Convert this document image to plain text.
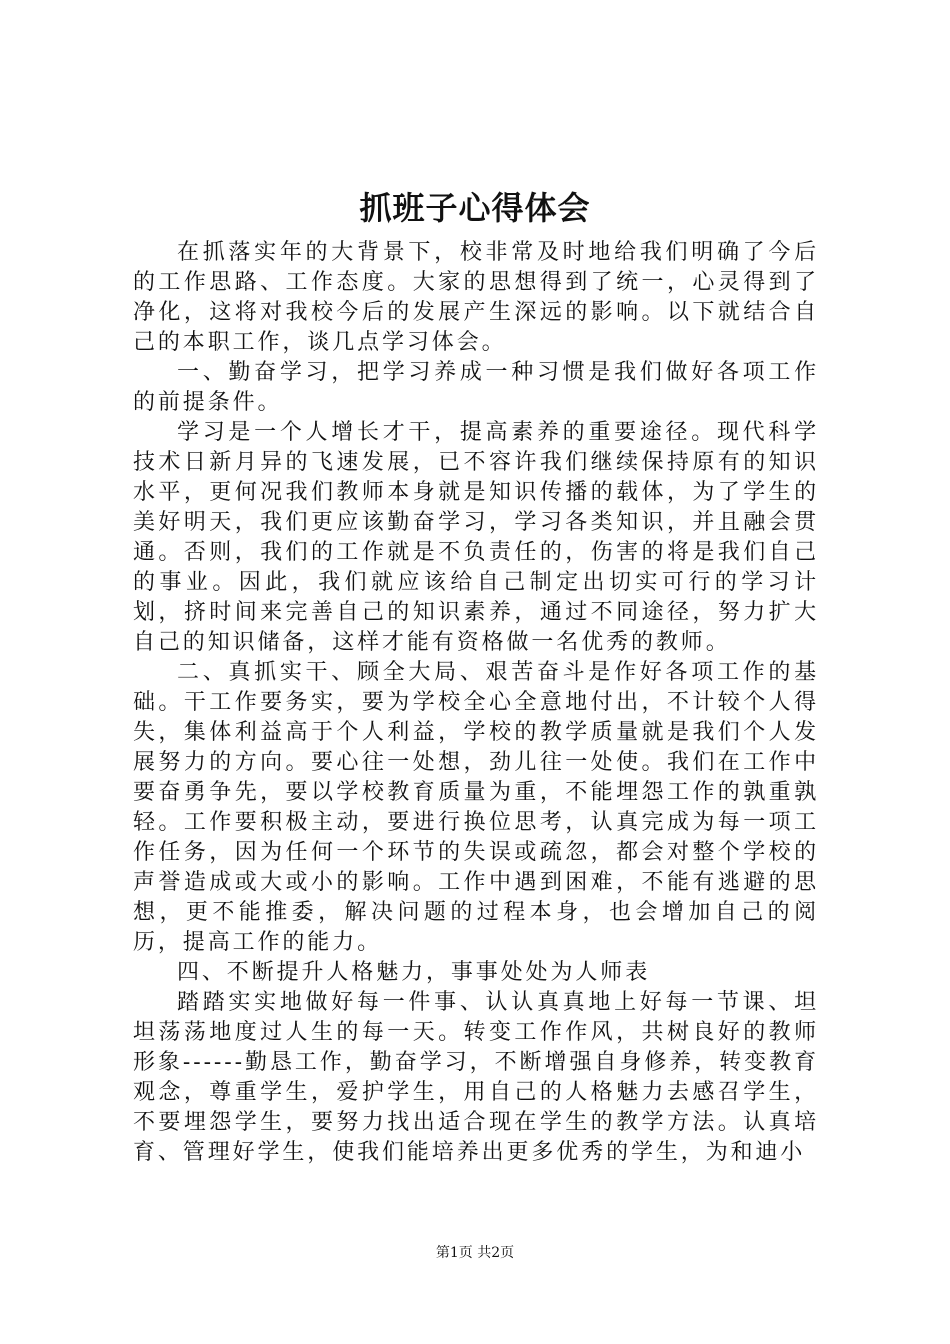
抓班子心得体会

在抓落实年的大背景下，校非常及时地给我们明确了今后的工作思路、工作态度。大家的思想得到了统一，心灵得到了净化，这将对我校今后的发展产生深远的影响。以下就结合自己的本职工作，谈几点学习体会。

一、勤奋学习，把学习养成一种习惯是我们做好各项工作的前提条件。

学习是一个人增长才干，提高素养的重要途径。现代科学技术日新月异的飞速发展，已不容许我们继续保持原有的知识水平，更何况我们教师本身就是知识传播的载体，为了学生的美好明天，我们更应该勤奋学习，学习各类知识，并且融会贯通。否则，我们的工作就是不负责任的，伤害的将是我们自己的事业。因此，我们就应该给自己制定出切实可行的学习计划，挤时间来完善自己的知识素养，通过不同途径，努力扩大自己的知识储备，这样才能有资格做一名优秀的教师。

二、真抓实干、顾全大局、艰苦奋斗是作好各项工作的基础。干工作要务实，要为学校全心全意地付出，不计较个人得失，集体利益高于个人利益，学校的教学质量就是我们个人发展努力的方向。要心往一处想，劲儿往一处使。我们在工作中要奋勇争先，要以学校教育质量为重，不能埋怨工作的孰重孰轻。工作要积极主动，要进行换位思考，认真完成为每一项工作任务，因为任何一个环节的失误或疏忽，都会对整个学校的声誉造成或大或小的影响。工作中遇到困难，不能有逃避的思想，更不能推委，解决问题的过程本身，也会增加自己的阅历，提高工作的能力。

四、不断提升人格魅力，事事处处为人师表

踏踏实实地做好每一件事、认认真真地上好每一节课、坦坦荡荡地度过人生的每一天。转变工作作风，共树良好的教师形象------勤恳工作，勤奋学习，不断增强自身修养，转变教育观念，尊重学生，爱护学生，用自己的人格魅力去感召学生，不要埋怨学生，要努力找出适合现在学生的教学方法。认真培育、管理好学生，使我们能培养出更多优秀的学生，为和迪小

第1页 共2页
